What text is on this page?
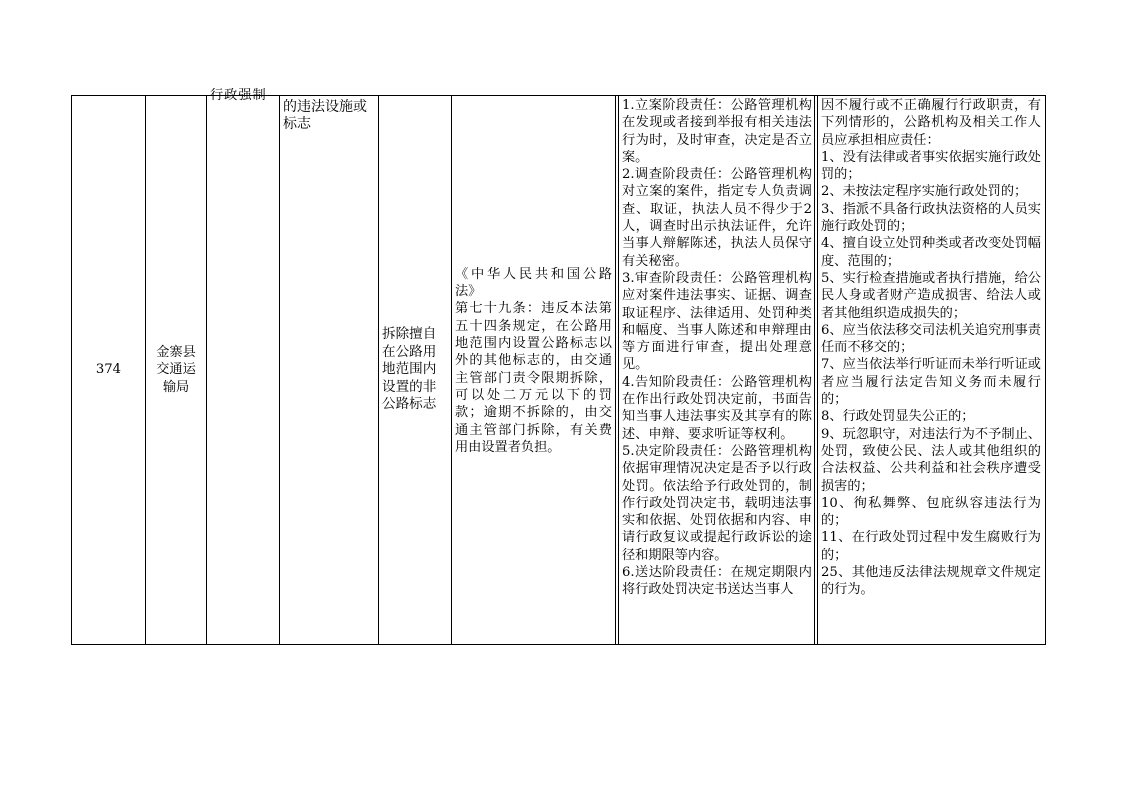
374
金寨县
交通运
输局
行政强制
的违法设施或
标志
拆除擅自
在公路用
地范围内
设置的非
公路标志
《中华人民共和国公路法》
第七十九条：违反本法第五十四条规定，在公路用地范围内设置公路标志以外的其他标志的，由交通主管部门责令限期拆除，可以处二万元以下的罚款；逾期不拆除的，由交通主管部门拆除，有关费用由设置者负担。

1.立案阶段责任：公路管理机构在发现或者接到举报有相关违法行为时，及时审查，决定是否立案。

2.调查阶段责任：公路管理机构对立案的案件，指定专人负责调查、取证，执法人员不得少于2人，调查时出示执法证件，允许当事人辩解陈述，执法人员保守有关秘密。

3.审查阶段责任：公路管理机构应对案件违法事实、证据、调查取证程序、法律适用、处罚种类和幅度、当事人陈述和申辩理由等方面进行审查，提出处理意见。

4.告知阶段责任：公路管理机构在作出行政处罚决定前，书面告知当事人违法事实及其享有的陈述、申辩、要求听证等权利。

5.决定阶段责任：公路管理机构依据审理情况决定是否予以行政处罚。依法给予行政处罚的，制作行政处罚决定书，载明违法事实和依据、处罚依据和内容、申请行政复议或提起行政诉讼的途径和期限等内容。

6.送达阶段责任：在规定期限内将行政处罚决定书送达当事人

因不履行或不正确履行行政职责，有下列情形的，公路机构及相关工作人员应承担相应责任：

1、没有法律或者事实依据实施行政处罚的；

2、未按法定程序实施行政处罚的；

3、指派不具备行政执法资格的人员实施行政处罚的；

4、擅自设立处罚种类或者改变处罚幅度、范围的；

5、实行检查措施或者执行措施，给公民人身或者财产造成损害、给法人或者其他组织造成损失的；

6、应当依法移交司法机关追究刑事责任而不移交的；

7、应当依法举行听证而未举行听证或者应当履行法定告知义务而未履行的；

8、行政处罚显失公正的；

9、玩忽职守，对违法行为不予制止、处罚，致使公民、法人或其他组织的合法权益、公共利益和社会秩序遭受损害的；

10、徇私舞弊、包庇纵容违法行为的；

11、在行政处罚过程中发生腐败行为的；

25、其他违反法律法规规章文件规定的行为。
